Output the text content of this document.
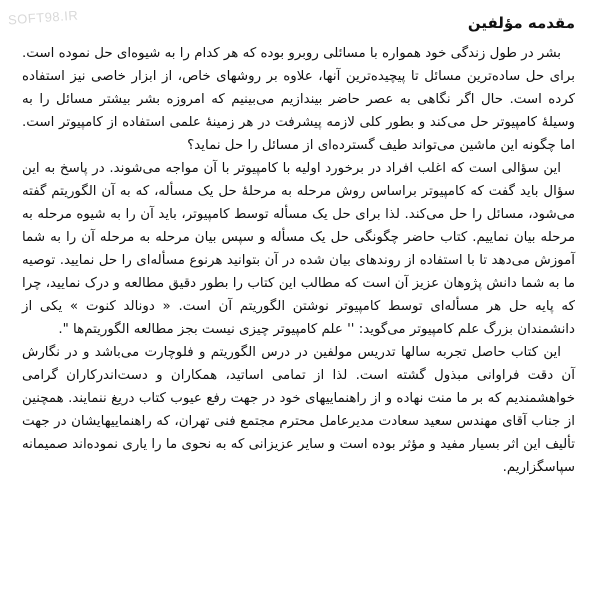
SOFT98.IR	مقدمه مؤلفین

بشر در طول زندگی خود همواره با مسائلی روبرو بوده که هر کدام را به شیوه‌ای حل نموده است. برای حل ساده‌ترین مسائل تا پیچیده‌ترین آنها، علاوه بر روشهای خاص، از ابزار خاصی نیز استفاده کرده است. حال اگر نگاهی به عصر حاضر بیندازیم می‌بینیم که امروزه بشر بیشتر مسائل را به وسیلهٔ کامپیوتر حل می‌کند و بطور کلی لازمه پیشرفت در هر زمینهٔ علمی استفاده از کامپیوتر است. اما چگونه این ماشین می‌تواند طیف گسترده‌ای از مسائل را حل نماید؟

این سؤالی است که اغلب افراد در برخورد اولیه با کامپیوتر با آن مواجه می‌شوند. در پاسخ به این سؤال باید گفت که کامپیوتر براساس روش مرحله به مرحلهٔ حل یک مسأله، که به آن الگوریتم گفته می‌شود، مسائل را حل می‌کند. لذا برای حل یک مسأله توسط کامپیوتر، باید آن را به شیوه مرحله به مرحله بیان نماییم. کتاب حاضر چگونگی حل یک مسأله و سپس بیان مرحله به مرحله آن را به شما آموزش می‌دهد تا با استفاده از روندهای بیان شده در آن بتوانید هرنوع مسأله‌ای را حل نمایید. توصیه ما به شما دانش پژوهان عزیز آن است که مطالب این کتاب را بطور دقیق مطالعه و درک نمایید، چرا که پایه حل هر مسأله‌ای توسط کامپیوتر نوشتن الگوریتم آن است. « دونالد کنوت » یکی از دانشمندان بزرگ علم کامپیوتر می‌گوید: '' علم کامپیوتر چیزی نیست بجز مطالعه الگوریتم‌ها ".

این کتاب حاصل تجربه سالها تدریس مولفین در درس الگوریتم و فلوچارت می‌باشد و در نگارش آن دقت فراوانی مبذول گشته است. لذا از تمامی اساتید، همکاران و دست‌اندرکاران گرامی خواهشمندیم که بر ما منت نهاده و از راهنماییهای خود در جهت رفع عیوب کتاب دریغ ننمایند. همچنین از جناب آقای مهندس سعید سعادت مدیرعامل محترم مجتمع فنی تهران، که راهنماییهایشان در جهت تألیف این اثر بسیار مفید و مؤثر بوده است و سایر عزیزانی که به نحوی ما را یاری نموده‌اند صمیمانه سپاسگزاریم.
